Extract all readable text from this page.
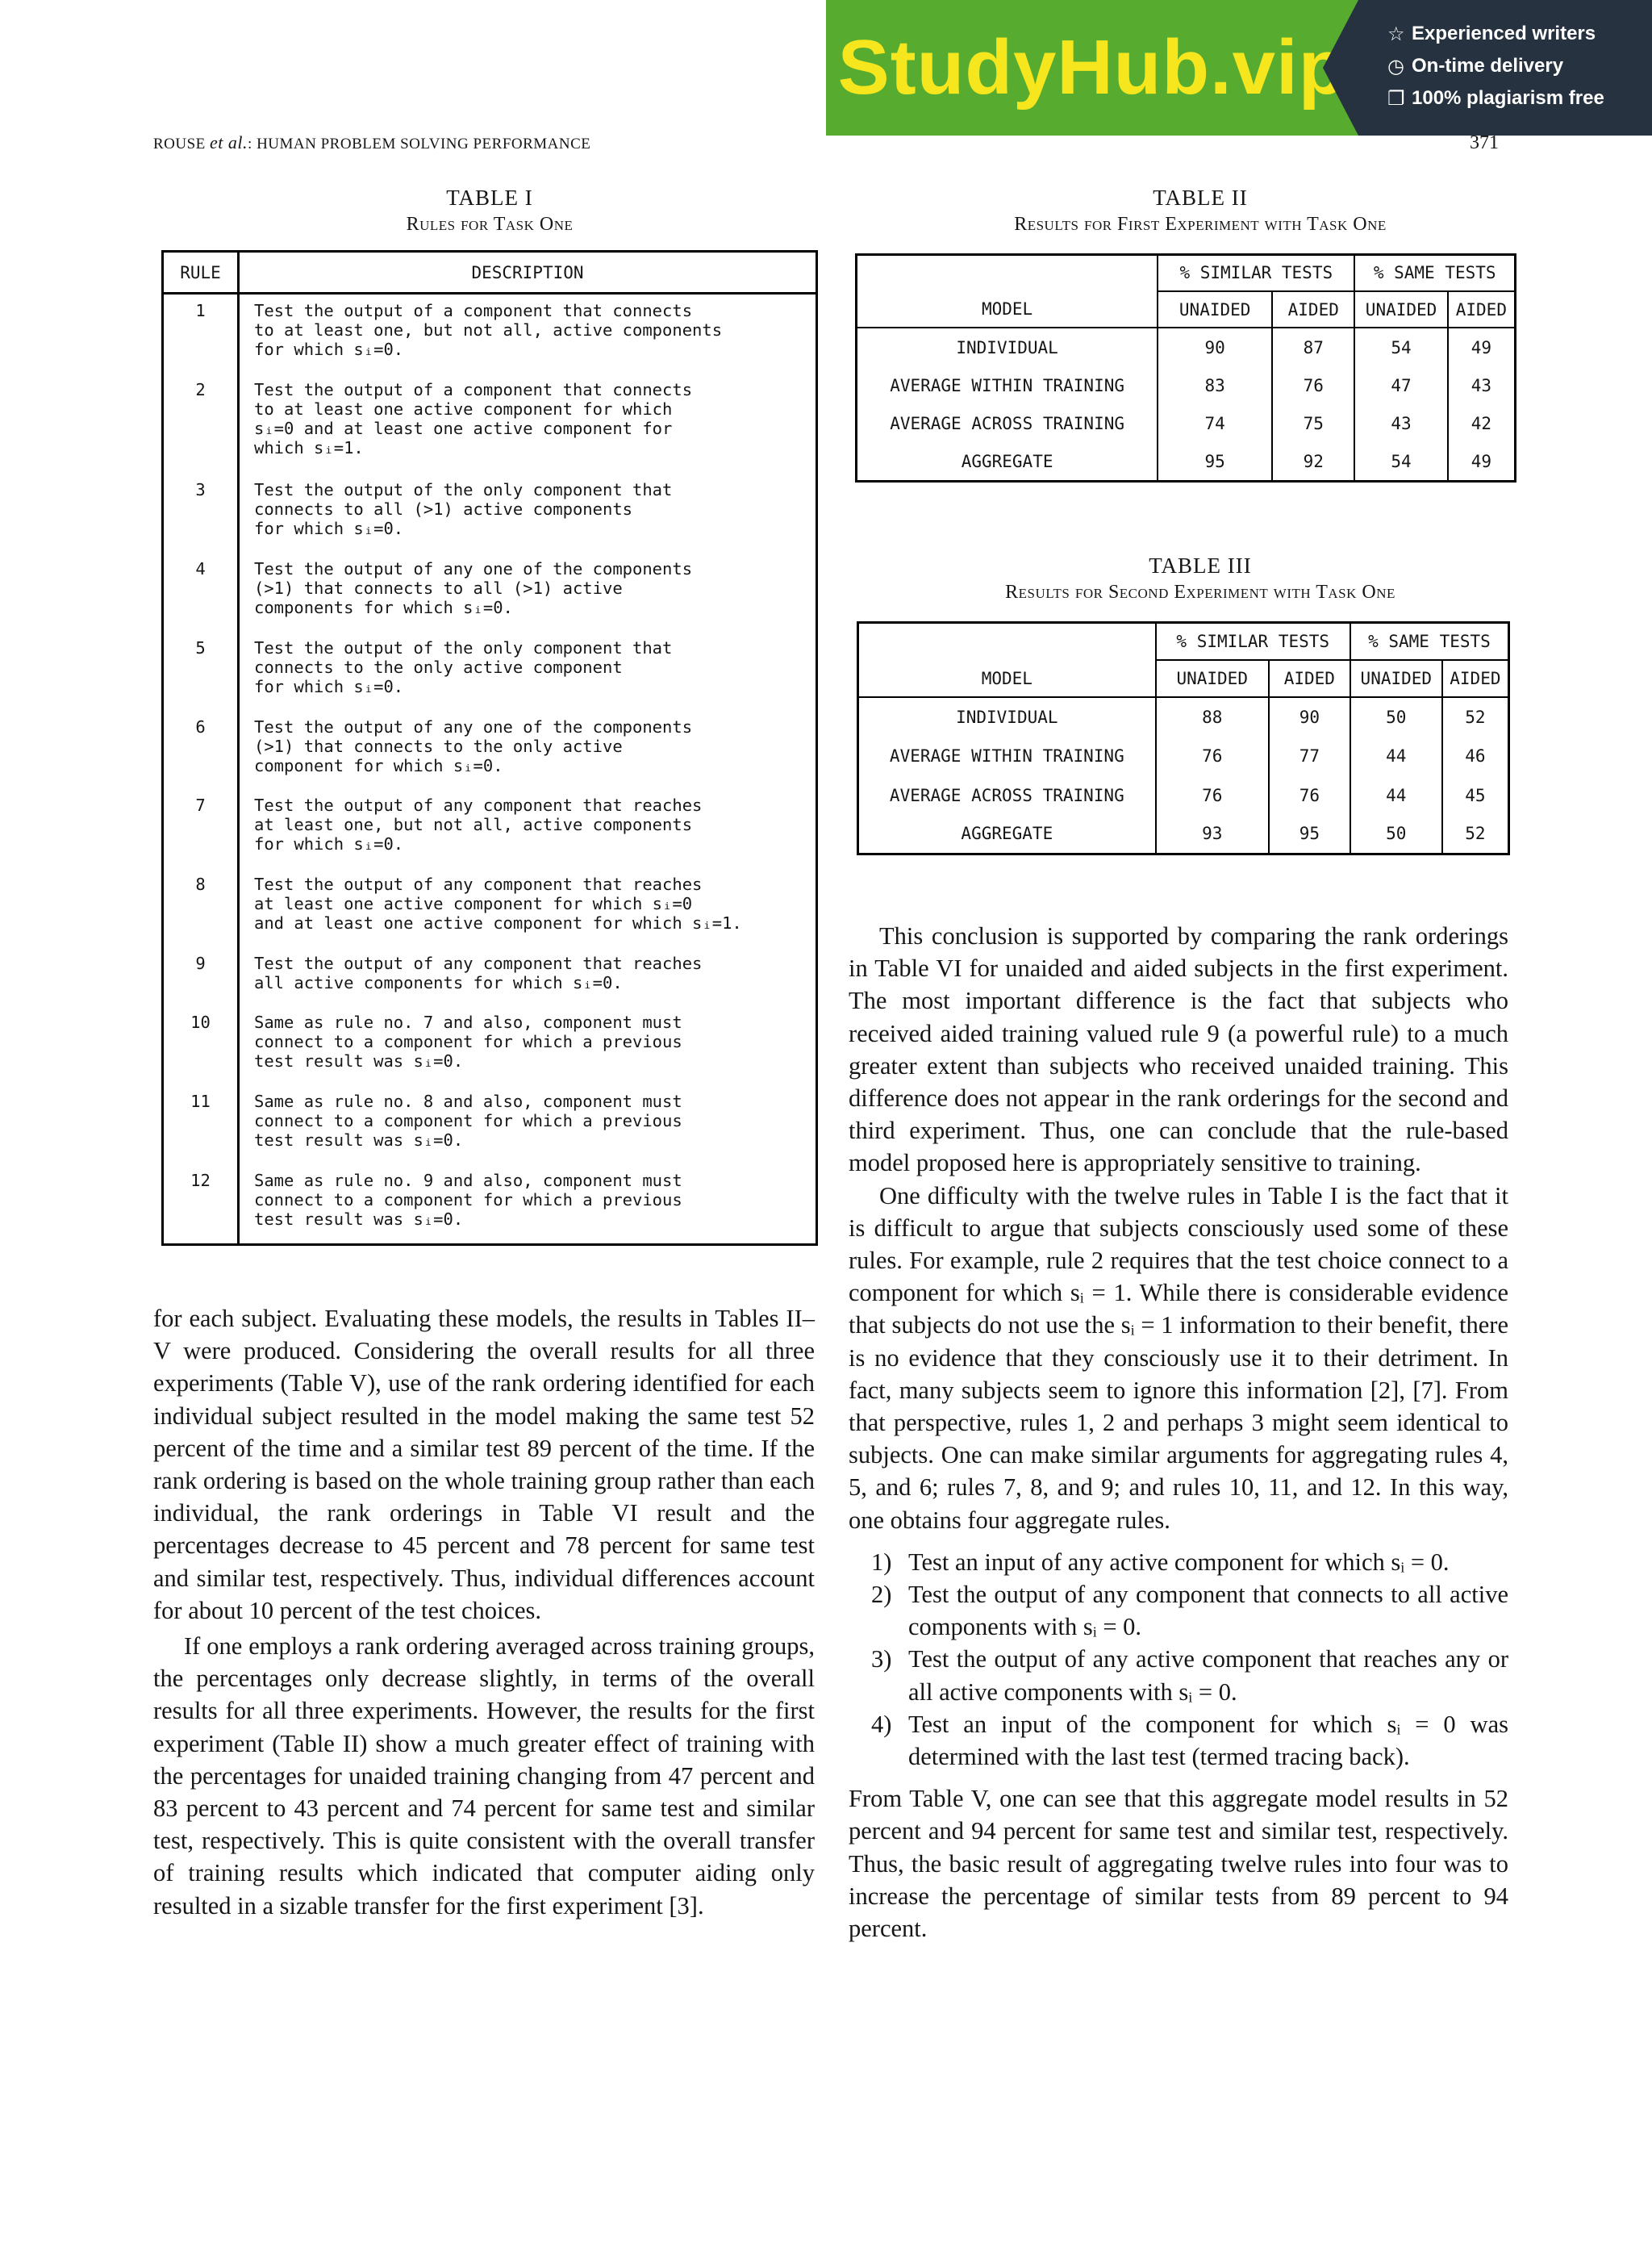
StudyHub.vip ☆ Experienced writers
◷ On-time delivery
❐ 100% plagiarism free
ROUSE et al.: HUMAN PROBLEM SOLVING PERFORMANCE	371
TABLE I
Rules for Task One
RULE	DESCRIPTION
1	Test the output of a component that connects
to at least one, but not all, active components
for which sᵢ=0.

2	Test the output of a component that connects
to at least one active component for which
sᵢ=0 and at least one active component for
which sᵢ=1.

3	Test the output of the only component that
connects to all (>1) active components
for which sᵢ=0.

4	Test the output of any one of the components
(>1) that connects to all (>1) active
components for which sᵢ=0.

5	Test the output of the only component that
connects to the only active component
for which sᵢ=0.

6	Test the output of any one of the components
(>1) that connects to the only active
component for which sᵢ=0.

7	Test the output of any component that reaches
at least one, but not all, active components
for which sᵢ=0.

8	Test the output of any component that reaches
at least one active component for which sᵢ=0
and at least one active component for which sᵢ=1.

9	Test the output of any component that reaches
all active components for which sᵢ=0.

10	Same as rule no. 7 and also, component must
connect to a component for which a previous
test result was sᵢ=0.

11	Same as rule no. 8 and also, component must
connect to a component for which a previous
test result was sᵢ=0.

12	Same as rule no. 9 and also, component must
connect to a component for which a previous
test result was sᵢ=0.
TABLE II
Results for First Experiment with Task One
	% SIMILAR TESTS		% SAME TESTS	
MODEL	UNAIDED	AIDED	UNAIDED	AIDED
INDIVIDUAL	90	87	54	49
AVERAGE WITHIN TRAINING	83	76	47	43
AVERAGE ACROSS TRAINING	74	75	43	42
AGGREGATE	95	92	54	49
TABLE III
Results for Second Experiment with Task One
	% SIMILAR TESTS		% SAME TESTS	
MODEL	UNAIDED	AIDED	UNAIDED	AIDED
INDIVIDUAL	88	90	50	52
AVERAGE WITHIN TRAINING	76	77	44	46
AVERAGE ACROSS TRAINING	76	76	44	45
AGGREGATE	93	95	50	52

for each subject. Evaluating these models, the results in Tables II–V were produced. Considering the overall results for all three experiments (Table V), use of the rank ordering identified for each individual subject resulted in the model making the same test 52 percent of the time and a similar test 89 percent of the time. If the rank ordering is based on the whole training group rather than each individual, the rank orderings in Table VI result and the percentages decrease to 45 percent and 78 percent for same test and similar test, respectively. Thus, individual differences account for about 10 percent of the test choices.

If one employs a rank ordering averaged across training groups, the percentages only decrease slightly, in terms of the overall results for all three experiments. However, the results for the first experiment (Table II) show a much greater effect of training with the percentages for unaided training changing from 47 percent and 83 percent to 43 percent and 74 percent for same test and similar test, respectively. This is quite consistent with the overall transfer of training results which indicated that computer aiding only resulted in a sizable transfer for the first experiment [3].

This conclusion is supported by comparing the rank orderings in Table VI for unaided and aided subjects in the first experiment. The most important difference is the fact that subjects who received aided training valued rule 9 (a powerful rule) to a much greater extent than subjects who received unaided training. This difference does not appear in the rank orderings for the second and third experiment. Thus, one can conclude that the rule-based model proposed here is appropriately sensitive to training.

One difficulty with the twelve rules in Table I is the fact that it is difficult to argue that subjects consciously used some of these rules. For example, rule 2 requires that the test choice connect to a component for which sᵢ = 1. While there is considerable evidence that subjects do not use the sᵢ = 1 information to their benefit, there is no evidence that they consciously use it to their detriment. In fact, many subjects seem to ignore this information [2], [7]. From that perspective, rules 1, 2 and perhaps 3 might seem identical to subjects. One can make similar arguments for aggregating rules 4, 5, and 6; rules 7, 8, and 9; and rules 10, 11, and 12. In this way, one obtains four aggregate rules.

1) Test an input of any active component for which sᵢ = 0.
2) Test the output of any component that connects to all active components with sᵢ = 0.
3) Test the output of any active component that reaches any or all active components with sᵢ = 0.
4) Test an input of the component for which sᵢ = 0 was determined with the last test (termed tracing back).

From Table V, one can see that this aggregate model results in 52 percent and 94 percent for same test and similar test, respectively. Thus, the basic result of aggregating twelve rules into four was to increase the percentage of similar tests from 89 percent to 94 percent.
